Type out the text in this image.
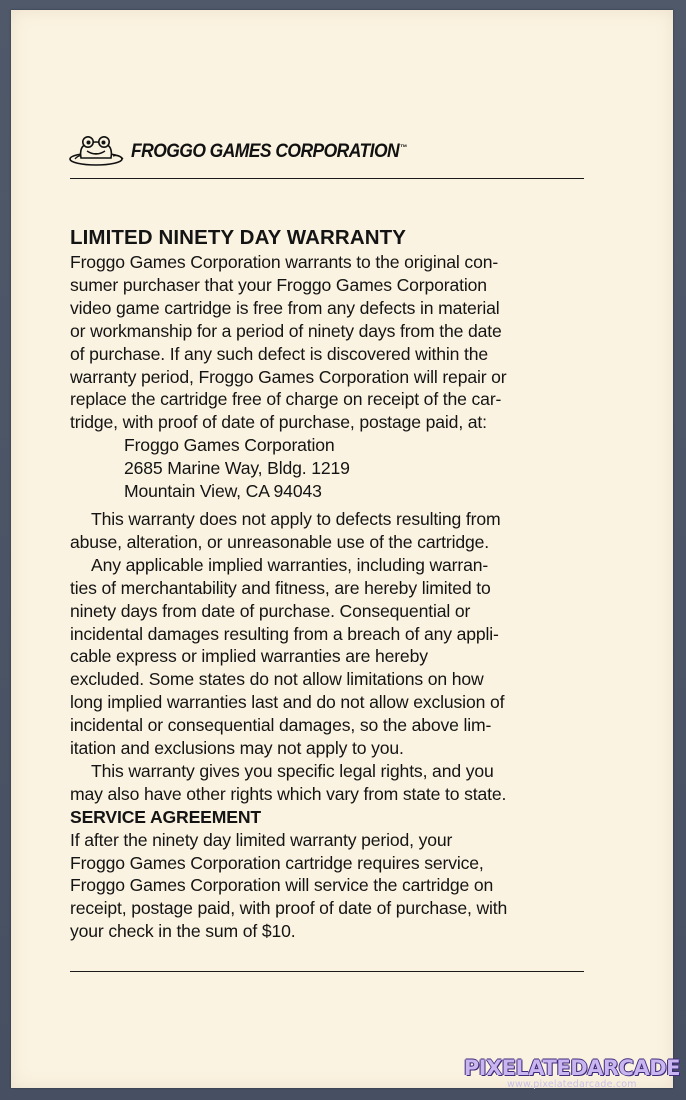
FROGGO GAMES CORPORATION™
LIMITED NINETY DAY WARRANTY
Froggo Games Corporation warrants to the original con-
sumer purchaser that your Froggo Games Corporation
video game cartridge is free from any defects in material
or workmanship for a period of ninety days from the date
of purchase. If any such defect is discovered within the
warranty period, Froggo Games Corporation will repair or
replace the cartridge free of charge on receipt of the car-
tridge, with proof of date of purchase, postage paid, at:
Froggo Games Corporation
2685 Marine Way, Bldg. 1219
Mountain View, CA 94043
This warranty does not apply to defects resulting from
abuse, alteration, or unreasonable use of the cartridge.
Any applicable implied warranties, including warran-
ties of merchantability and fitness, are hereby limited to
ninety days from date of purchase. Consequential or
incidental damages resulting from a breach of any appli-
cable express or implied warranties are hereby
excluded. Some states do not allow limitations on how
long implied warranties last and do not allow exclusion of
incidental or consequential damages, so the above lim-
itation and exclusions may not apply to you.
This warranty gives you specific legal rights, and you
may also have other rights which vary from state to state.
SERVICE AGREEMENT
If after the ninety day limited warranty period, your
Froggo Games Corporation cartridge requires service,
Froggo Games Corporation will service the cartridge on
receipt, postage paid, with proof of date of purchase, with
your check in the sum of $10.
PIXELATEDARCADE
www.pixelatedarcade.com
